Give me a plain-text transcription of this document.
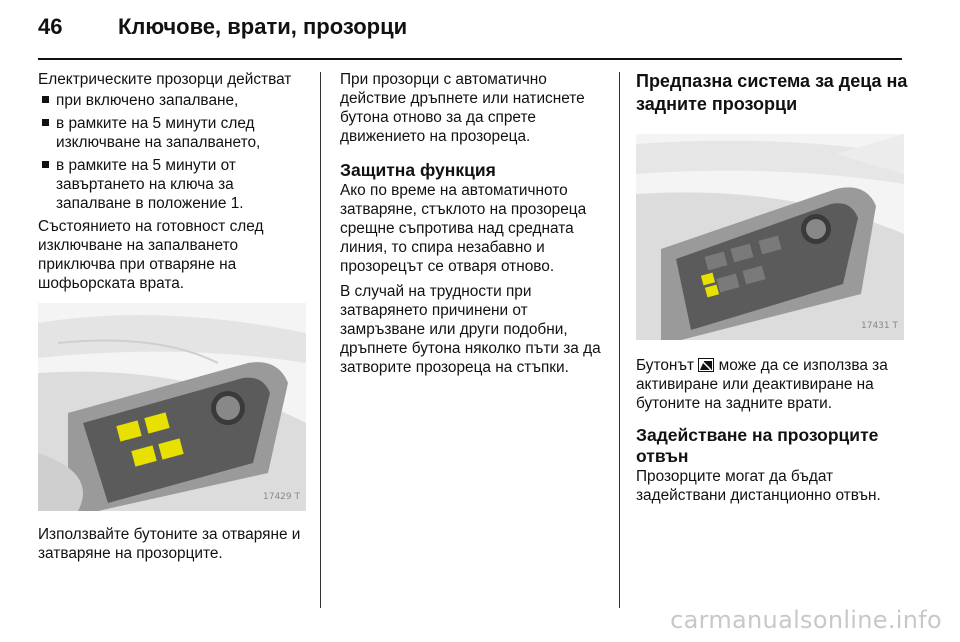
46	Ключове, врати, прозорци

Електрическите прозорци действат

при включено запалване,
в рамките на 5 минути след изключване на запалването,
в рамките на 5 минути от завъртането на ключа за запалване в положение 1.

Състоянието на готовност след изключване на запалването приключва при отваряне на шофьорската врата.

17429 T

Използвайте бутоните за отваряне и затваряне на прозорците.

При прозорци с автоматично действие дръпнете или натиснете бутона отново за да спрете движението на прозореца.

Защитна функция

Ако по време на автоматичното затваряне, стъклото на прозореца срещне съпротива над средната линия, то спира незабавно и прозорецът се отваря отново.

В случай на трудности при затварянето причинени от замръзване или други подобни, дръпнете бутона няколко пъти за да затворите прозореца на стъпки.

Предпазна система за деца на задните прозорци
17431 T

Бутонът може да се използва за активиране или деактивиране на бутоните на задните врати.

Задействане на прозорците отвън

Прозорците могат да бъдат задействани дистанционно отвън.

carmanualsonline.info
